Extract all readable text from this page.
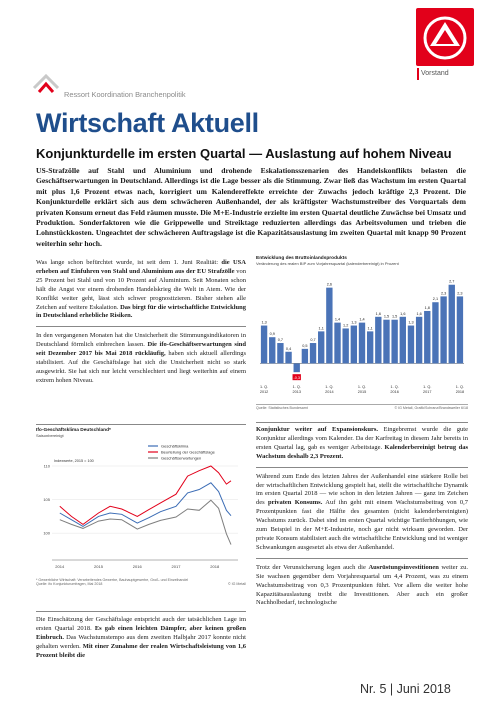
Vorstand
Ressort Koordination Branchenpolitik
Wirtschaft Aktuell
Konjunkturdelle im ersten Quartal — Auslastung auf hohem Niveau
US-Strafzölle auf Stahl und Aluminium und drohende Eskalationsszenarien des Handelskonflikts belasten die Geschäftserwartungen in Deutschland. Allerdings ist die Lage besser als die Stimmung. Zwar ließ das Wachstum im ersten Quartal mit plus 1,6 Prozent etwas nach, korrigiert um Kalendereffekte erreichte der Zuwachs jedoch kräftige 2,3 Prozent. Die Konjunkturdelle erklärt sich aus dem schwächeren Außenhandel, der als kräftigster Wachstumstreiber des Vorquartals dem privaten Konsum erneut das Feld räumen musste. Die M+E-Industrie erzielte im ersten Quartal deutliche Zuwächse bei Umsatz und Produktion. Sonderfaktoren wie die Grippewelle und Streiktage reduzierten allerdings das Arbeitsvolumen und trieben die Lohnstückkosten. Ungeachtet der schwächeren Auftragslage ist die Kapazitätsauslastung im zweiten Quartal mit knapp 90 Prozent weiterhin sehr hoch.

Was lange schon befürchtet wurde, ist seit dem 1. Juni Realität: die USA erheben auf Einfuhren von Stahl und Aluminium aus der EU Strafzölle von 25 Prozent bei Stahl und von 10 Prozent auf Aluminium. Seit Monaten schon hält die Angst vor einem drohenden Handelskrieg die Welt in Atem. Wie der Konflikt weiter geht, lässt sich schwer prognostizieren. Bisher stehen alle Zeichen auf weitere Eskalation. Das birgt für die wirtschaftliche Entwicklung in Deutschland erhebliche Risiken.

In den vergangenen Monaten hat die Unsicherheit die Stimmungsindikatoren in Deutschland förmlich einbrechen lassen. Die ifo-Geschäftserwartungen sind seit Dezember 2017 bis Mai 2018 rückläufig, haben sich aktuell allerdings stabilisiert. Auf die Geschäftslage hat sich die Unsicherheit nicht so stark ausgewirkt. Sie hat sich nur leicht verschlechtert und liegt weiterhin auf einem extrem hohen Niveau.

Ifo-Geschäftsklima Deutschland*
Saisonbereinigt
100
105
110
2014	2015	2016	2017	2018
Indexwerte, 2015 = 100
Geschäftsklima
Beurteilung der Geschäftslage
Geschäftserwartungen
* Gewerbliche Wirtschaft: Verarbeitendes Gewerbe, Bauhauptgewerbe, Groß- und Einzelhandel
Quelle: ifo Konjunkturumfragen, Mai 2018	© IG Metall

Die Einschätzung der Geschäftslage entspricht auch der tatsächlichen Lage im ersten Quartal 2018. Es gab einen leichten Dämpfer, aber keinen großen Einbruch. Das Wachstumstempo aus dem zweiten Halbjahr 2017 konnte nicht gehalten werden. Mit einer Zunahme der realen Wirtschaftsleistung von 1,6 Prozent bleibt die

Entwicklung des Bruttoinlandsprodukts
Veränderung des realen BIP zum Vorjahresquartal (kalenderbereinigt) in Prozent
1,3
1. Q.
2012
0,9
0,7
0,4
-0,3
1. Q.
2013
0,5
0,7
1,1
2,6
1. Q.
2014
1,4
1,2
1,3
1,4
1. Q.
2015
1,1
1,6
1,5 1,5
1. Q.
2016
1,6
1,3
1,6
1,8
1. Q.
2017
2,1
2,3
2,7
2,3
1. Q.
2018
Quelle: Statistisches Bundesamt	© IG Metall, Grafik/Schranz/Brandsweiler 6/18

Konjunktur weiter auf Expansionskurs. Eingebremst wurde die gute Konjunktur allerdings vom Kalender. Da der Karfreitag in diesem Jahr bereits in ersten Quartal lag, gab es weniger Arbeitstage. Kalenderbereinigt betrug das Wachstum deshalb 2,3 Prozent.

Während zum Ende des letzten Jahres der Außenhandel eine stärkere Rolle bei der wirtschaftlichen Entwicklung gespielt hat, stellt die wirtschaftliche Dynamik im ersten Quartal 2018 — wie schon in den letzten Jahren — ganz im Zeichen des privaten Konsums. Auf ihn geht mit einem Wachstumsbeitrag von 0,7 Prozentpunkten fast die Hälfte des gesamten (nicht kalenderbereinigten) Wachstums zurück. Dabei sind im ersten Quartal wichtige Tariferhöhungen, wie zum Beispiel in der M+E-Industrie, noch gar nicht wirksam geworden. Der private Konsum stabilisiert auch die wirtschaftliche Entwicklung und ist weniger Schwankungen ausgesetzt als etwa der Außenhandel.

Trotz der Verunsicherung legen auch die Ausrüstungsinvestitionen weiter zu. Sie wachsen gegenüber dem Vorjahresquartal um 4,4 Prozent, was zu einem Wachstumsbeitrag von 0,3 Prozentpunkten führt. Vor allem die weiter hohe Kapazitätsauslastung treibt die Investitionen. Aber auch ein großer Nachholbedarf, technologische

Nr. 5 | Juni 2018
